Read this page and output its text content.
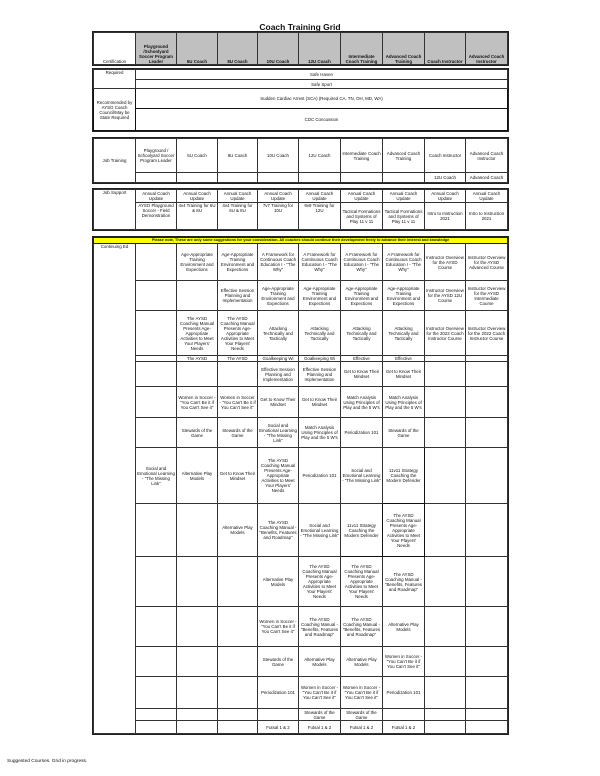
Coach Training Grid
Certification	Playground /Schoolyard Soccer Program Leader	6U Coach	8U Coach	10U Coach	12U Coach	Intermediate Coach Training	Advanced Coach Training	Coach Instructor	Advanced Coach Instructor
Required	Safe Haven
	Safe Sport
Recommended by AYSO Coach Council/May be State Required	Sudden Cardiac Arrest (SCA) (Required CA, TN, OH, MD, WA)
	CDC Concussion
Job Training	Playground / Schoolyard Soccer Program Leader	6U Coach	8U Coach	10U Coach	12U Coach	Intermediate Coach Training	Advanced Coach Training	Coach Instructor	Advanced Coach Instructor
								12U Coach	Advanced Coach
Job Support	Annual Coach Update	Annual Coach Update	Annual Coach Update	Annual Coach Update	Annual Coach Update	Annual Coach Update	Annual Coach Update	Annual Coach Update	Annual Coach Update
	AYSO Playground Soccer - Field Demonstration	4v4 Training for 6U & 8U	4v4 Training for 6U & 8U	7v7 Training for 10U	9v9 Training for 12U	Tactical Formations and Systems of Play 11 v 11	Tactical Formations and Systems of Play 11 v 11	Intro to Instruction 2021	Intro to Instruction 2021
Please note, These are only some suggestions for your consideration. All coaches should continue their development freely to advance their interest and knowledge									
Continuing Ed		Age-Appropriate Training Environment and Expections	Age-Appropriate Training Environment and Expections	A Framework for Continuous Coach Education I - "The Why"	A Framework for Continuous Coach Education I - "The Why"	A Framework for Continuous Coach Education I - "The Why"	A Framework for Continuous Coach Education I - "The Why"	Instructor Overview for the AYSD Course	Instructor Overview for the AYSD Advanced Course
			Effective Session Planning and Implementation	Age-Appropriate Training Environment and Expections	Age-Appropriate Training Environment and Expections	Age-Appropriate Training Environment and Expections	Age-Appropriate Training Environment and Expections	Instructor Overview for the AYSD 12U Course	Instructor Overview for the AYSD Intermediate Course
		The AYSD Coaching Manual Presents Age-Appropriate Activities to Meet Your Players' Needs	The AYSD Coaching Manual Presents Age-Appropriate Activities to Meet Your Players' Needs	Attacking Technically and Tactically	Attacking Technically and Tactically	Attacking Technically and Tactically	Attacking Technically and Tactically	Instructor Overview for the 2022 Coach Instructor Course	Instructor Overview for the 2022 Coach Instructor Course
		The AYSD	The AYSD	Goalkeeping Wi	Goalkeeping Wi	Effective	Effective		
				Effective Session Planning and Implementation	Effective Session Planning and Implementation	Get to Know Their Mindset	Get to Know Their Mindset		
		Women in Soccer - "You Can't Be it if You Can't See it"	Women in Soccer - "You Can't Be it if You Can't See it"	Get to Know Their Mindset	Get to Know Their Mindset	Match Analysis Using Principles of Play and the 5 W's	Match Analysis Using Principles of Play and the 5 W's		
		Stewards of the Game	Stewards of the Game	Social and Emotional Learning - "The Missing Link"	Match Analysis Using Principles of Play and the 5 W's	Periodization 101	Stewards of the Game		
	Social and Emotional Learning - "The Missing Link"	Alternative Play Models	Get to Know Their Mindset	The AYSD Coaching Manual Presents Age-Appropriate Activities to Meet Your Players' Needs	Periodization 101	Social and Emotional Learning - "The Missing Link"	11v11 Strategy Coaching the Modern Defender		
			Alternative Play Models	The AYSD Coaching Manual - "Benefits, Features and Roadmap"	Social and Emotional Learning - "The Missing Link"	11v11 Strategy Coaching the Modern Defender	The AYSD Coaching Manual Presents Age-Appropriate Activities to Meet Your Players' Needs		
				Alternative Play Models	The AYSD Coaching Manual Presents Age-Appropriate Activities to Meet Your Players' Needs	The AYSD Coaching Manual Presents Age-Appropriate Activities to Meet Your Players' Needs	The AYSD Coaching Manual - "Benefits, Features and Roadmap"		
				Women in Soccer - "You Can't Be it if You Can't See it"	The AYSD Coaching Manual - "Benefits, Features and Roadmap"	The AYSD Coaching Manual - "Benefits, Features and Roadmap"	Alternative Play Models		
				Stewards of the Game	Alternative Play Models	Alternative Play Models	Women in Soccer - "You Can't Be it if You Can't See it"		
				Periodization 101	Women in Soccer - "You Can't Be it if You Can't See it"	Women in Soccer - "You Can't Be it if You Can't See it"	Periodization 101		
					Stewards of the Game	Stewards of the Game			
				Futsal 1 & 2	Futsal 1 & 2	Futsal 1 & 2	Futsal 1 & 2		
Suggested Courses. Grid in progress.
